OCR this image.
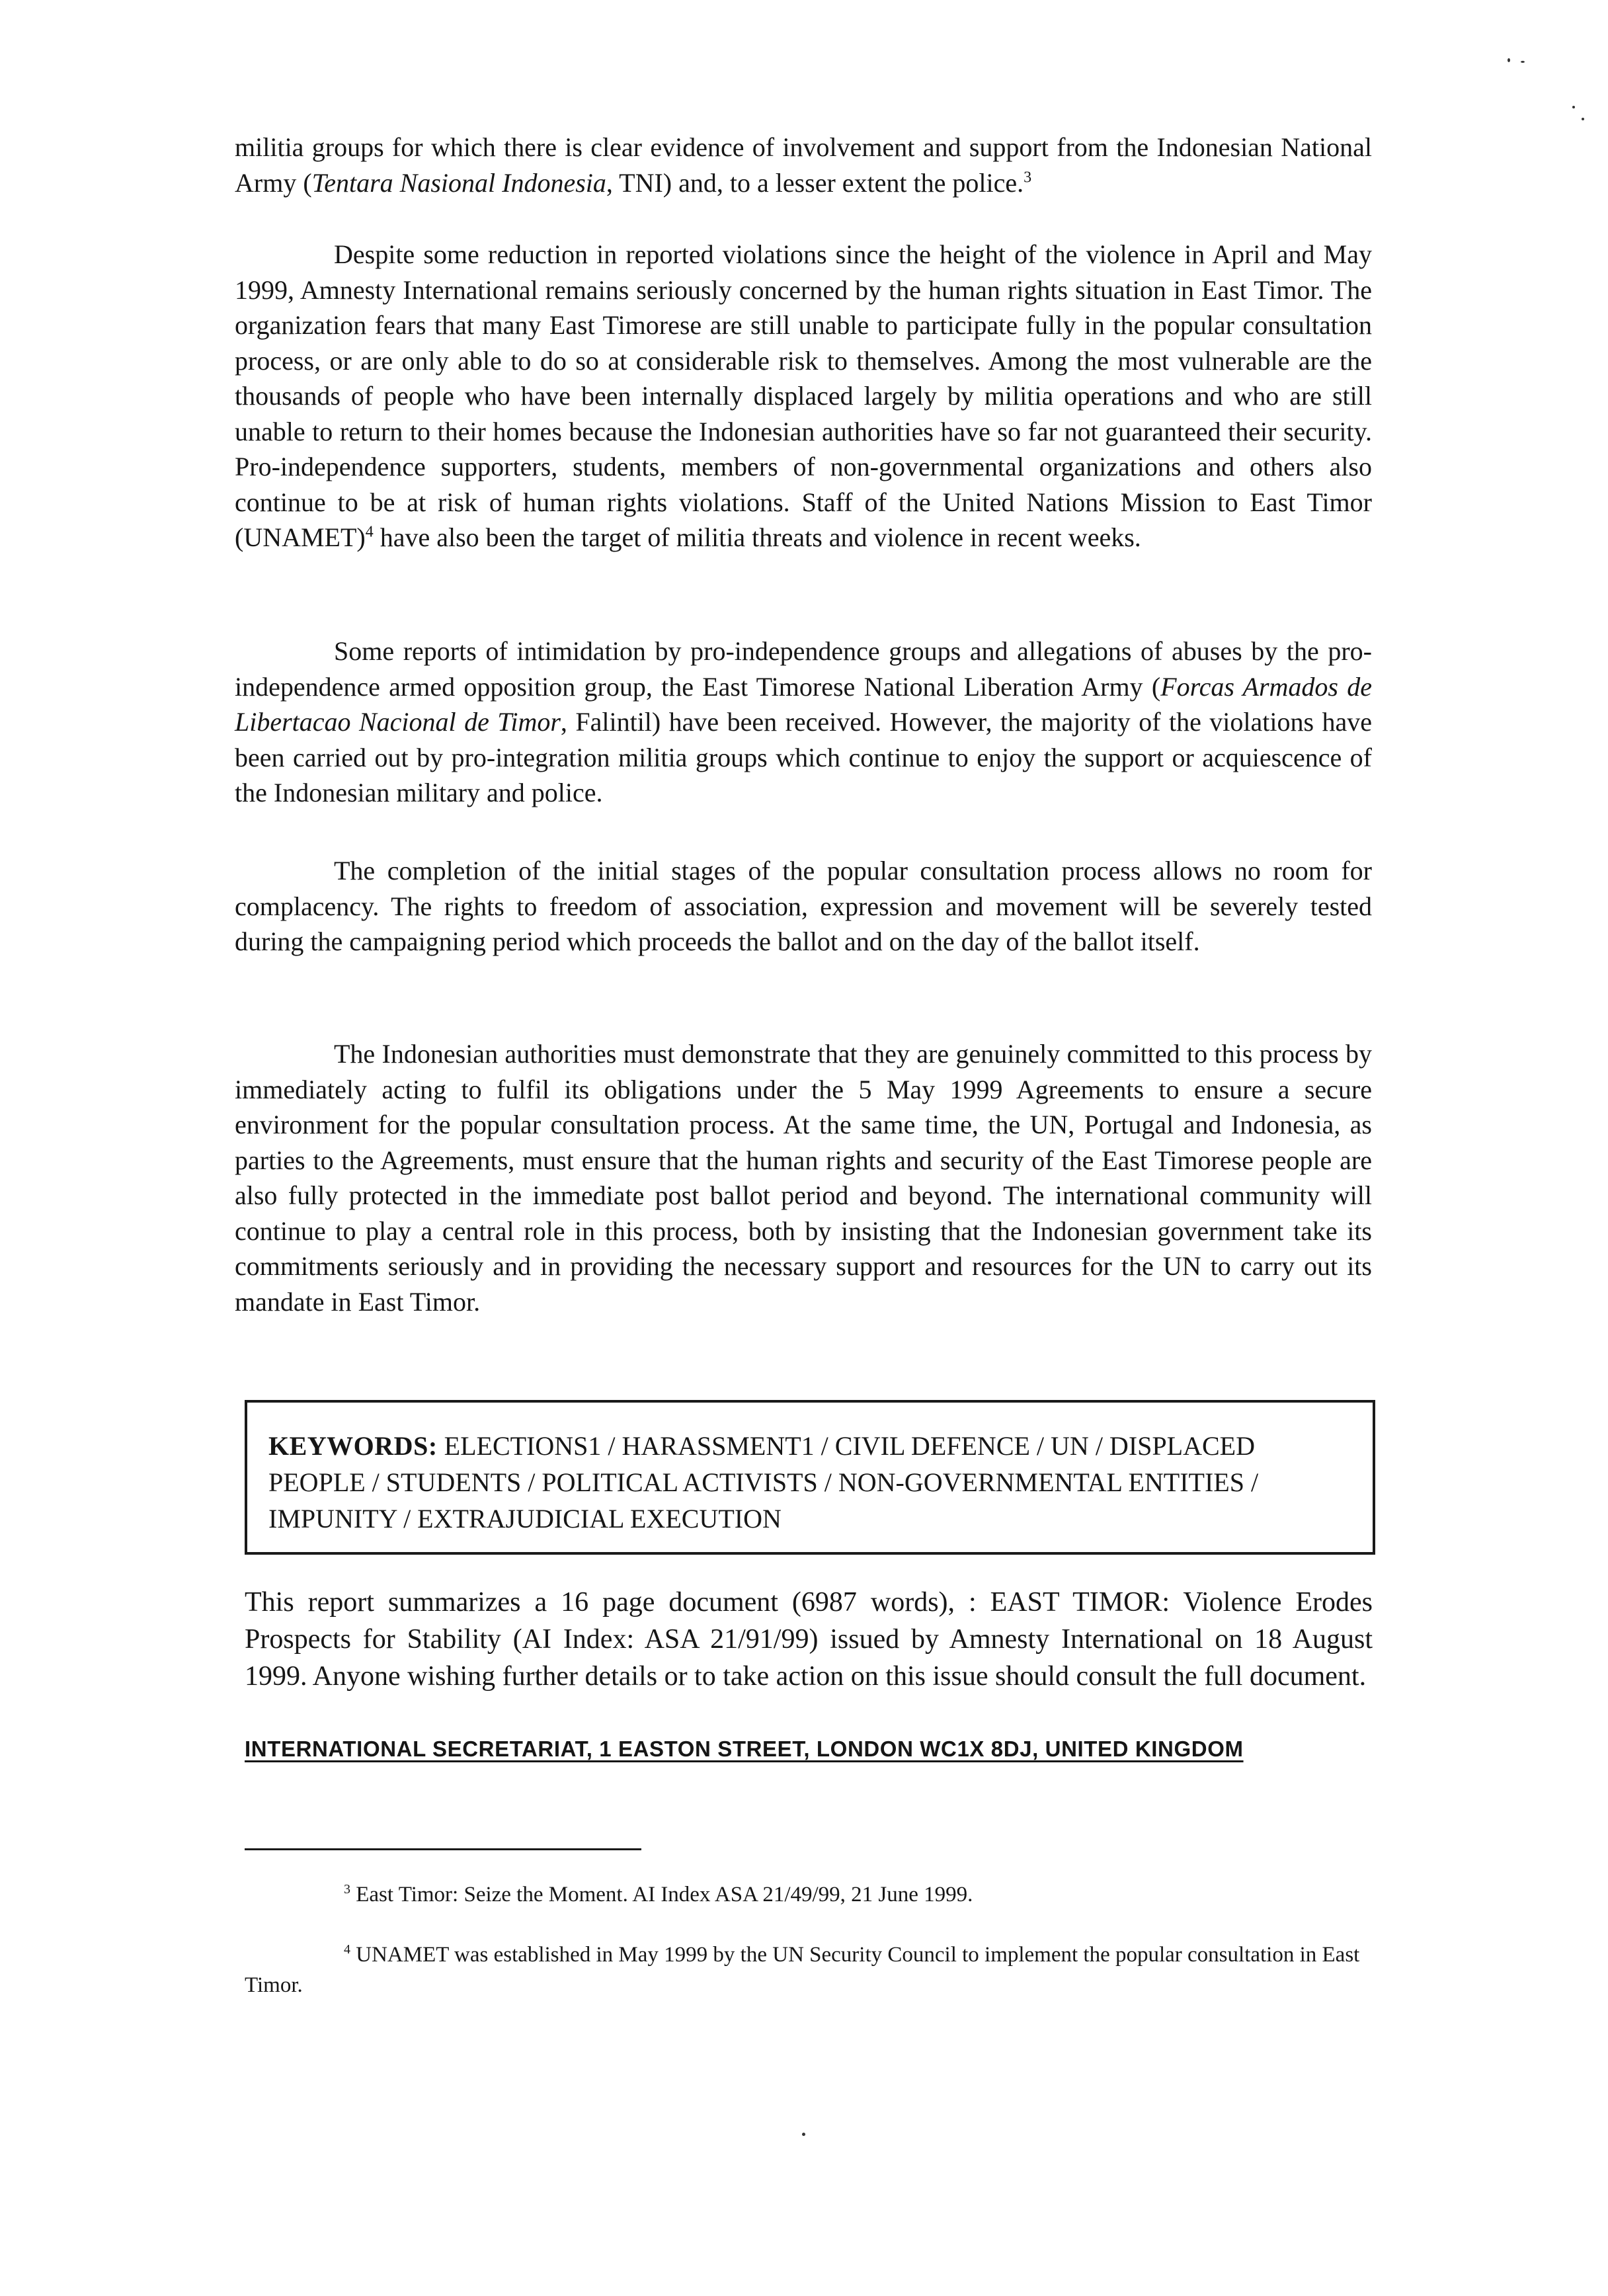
militia groups for which there is clear evidence of involvement and support from the Indonesian National Army (Tentara Nasional Indonesia, TNI) and, to a lesser extent the police.$^3$

Despite some reduction in reported violations since the height of the violence in April and May 1999, Amnesty International remains seriously concerned by the human rights situation in East Timor. The organization fears that many East Timorese are still unable to participate fully in the popular consultation process, or are only able to do so at considerable risk to themselves. Among the most vulnerable are the thousands of people who have been internally displaced largely by militia operations and who are still unable to return to their homes because the Indonesian authorities have so far not guaranteed their security. Pro-independence supporters, students, members of non-governmental organizations and others also continue to be at risk of human rights violations. Staff of the United Nations Mission to East Timor (UNAMET)$^4$ have also been the target of militia threats and violence in recent weeks.

Some reports of intimidation by pro-independence groups and allegations of abuses by the pro-independence armed opposition group, the East Timorese National Liberation Army (Forcas Armados de Libertacao Nacional de Timor, Falintil) have been received. However, the majority of the violations have been carried out by pro-integration militia groups which continue to enjoy the support or acquiescence of the Indonesian military and police.

The completion of the initial stages of the popular consultation process allows no room for complacency. The rights to freedom of association, expression and movement will be severely tested during the campaigning period which proceeds the ballot and on the day of the ballot itself.

The Indonesian authorities must demonstrate that they are genuinely committed to this process by immediately acting to fulfil its obligations under the 5 May 1999 Agreements to ensure a secure environment for the popular consultation process. At the same time, the UN, Portugal and Indonesia, as parties to the Agreements, must ensure that the human rights and security of the East Timorese people are also fully protected in the immediate post ballot period and beyond. The international community will continue to play a central role in this process, both by insisting that the Indonesian government take its commitments seriously and in providing the necessary support and resources for the UN to carry out its mandate in East Timor.

KEYWORDS: ELECTIONS1 / HARASSMENT1 / CIVIL DEFENCE / UN / DISPLACED PEOPLE / STUDENTS / POLITICAL ACTIVISTS / NON-GOVERNMENTAL ENTITIES / IMPUNITY / EXTRAJUDICIAL EXECUTION

This report summarizes a 16 page document (6987 words), : EAST TIMOR: Violence Erodes Prospects for Stability (AI Index: ASA 21/91/99) issued by Amnesty International on 18 August 1999. Anyone wishing further details or to take action on this issue should consult the full document.

INTERNATIONAL SECRETARIAT, 1 EASTON STREET, LONDON WC1X 8DJ, UNITED KINGDOM

$^3$ East Timor: Seize the Moment. AI Index ASA 21/49/99, 21 June 1999.

$^4$ UNAMET was established in May 1999 by the UN Security Council to implement the popular consultation in East Timor.
